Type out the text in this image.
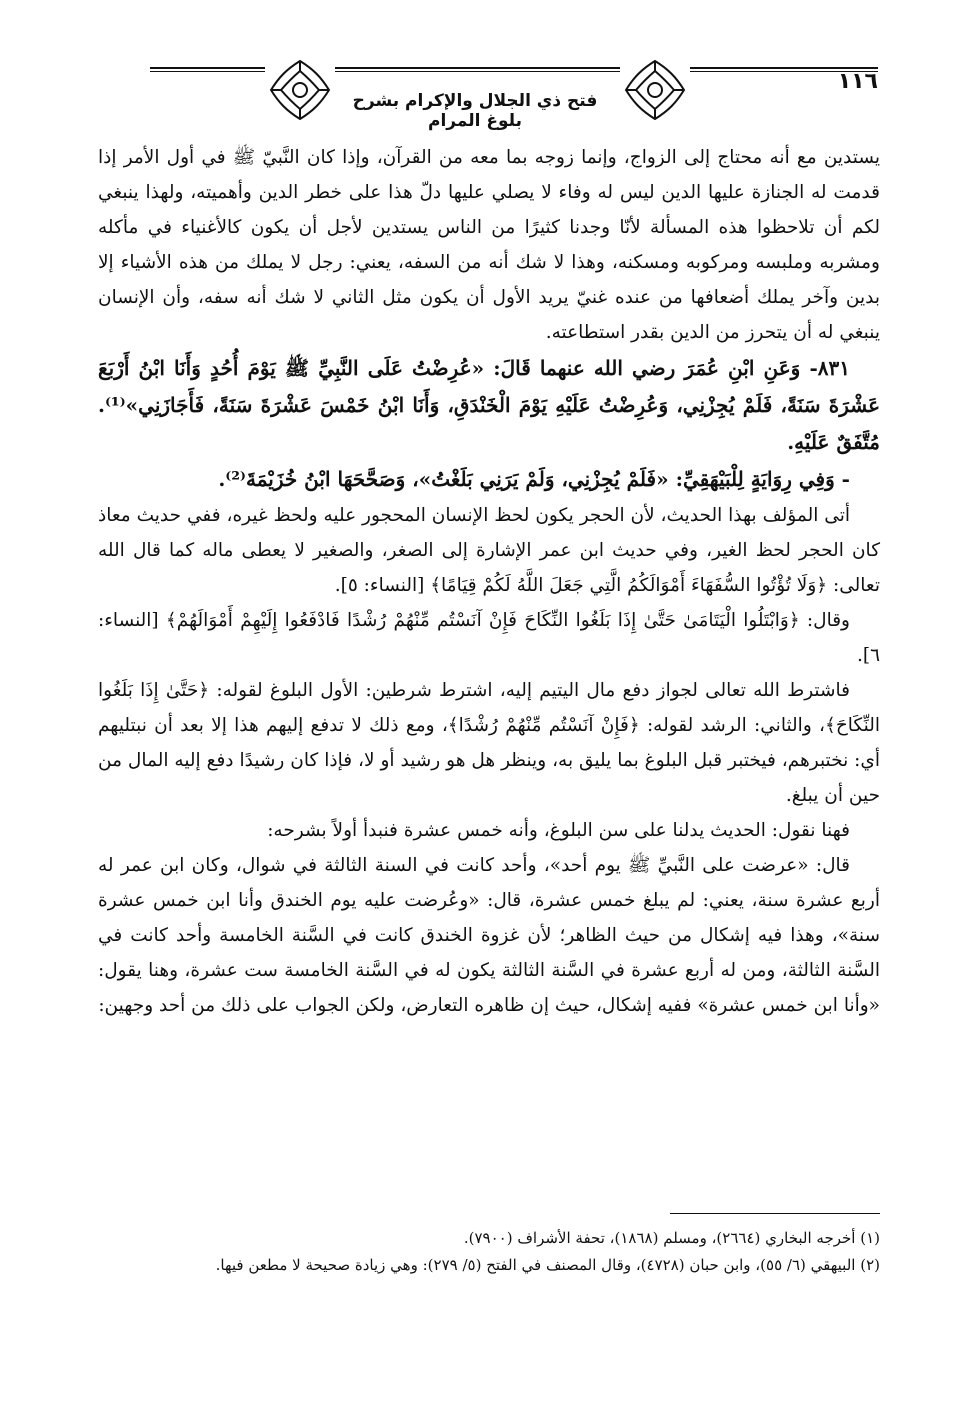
فتح ذي الجلال والإكرام بشرح بلوغ المرام
١١٦

يستدين مع أنه محتاج إلى الزواج، وإنما زوجه بما معه من القرآن، وإذا كان النَّبيّ ﷺ في أول الأمر إذا قدمت له الجنازة عليها الدين ليس له وفاء لا يصلي عليها دلّ هذا على خطر الدين وأهميته، ولهذا ينبغي لكم أن تلاحظوا هذه المسألة لأنّا وجدنا كثيرًا من الناس يستدين لأجل أن يكون كالأغنياء في مأكله ومشربه وملبسه ومركوبه ومسكنه، وهذا لا شك أنه من السفه، يعني: رجل لا يملك من هذه الأشياء إلا بدين وآخر يملك أضعافها من عنده غنيّ يريد الأول أن يكون مثل الثاني لا شك أنه سفه، وأن الإنسان ينبغي له أن يتحرز من الدين بقدر استطاعته.

٨٣١- وَعَنِ ابْنِ عُمَرَ رضي الله عنهما قَالَ: «عُرِضْتُ عَلَى النَّبِيِّ ﷺ يَوْمَ أُحُدٍ وَأَنَا ابْنُ أَرْبَعَ عَشْرَةَ سَنَةً، فَلَمْ يُجِزْنِي، وَعُرِضْتُ عَلَيْهِ يَوْمَ الْخَنْدَقِ، وَأَنَا ابْنُ خَمْسَ عَشْرَةَ سَنَةً، فَأَجَازَنِي»⁽¹⁾. مُتَّفَقٌ عَلَيْهِ.

- وَفِي رِوَايَةٍ لِلْبَيْهَقِيِّ: «فَلَمْ يُجِزْنِي، وَلَمْ يَرَنِي بَلَغْتُ»، وَصَحَّحَهَا ابْنُ خُزَيْمَةَ⁽²⁾.

أتى المؤلف بهذا الحديث، لأن الحجر يكون لحظ الإنسان المحجور عليه ولحظ غيره، ففي حديث معاذ كان الحجر لحظ الغير، وفي حديث ابن عمر الإشارة إلى الصغر، والصغير لا يعطى ماله كما قال الله تعالى: ﴿وَلَا تُؤْتُوا السُّفَهَاءَ أَمْوَالَكُمُ الَّتِي جَعَلَ اللَّهُ لَكُمْ قِيَامًا﴾ [النساء: ٥].

وقال: ﴿وَابْتَلُوا الْيَتَامَىٰ حَتَّىٰ إِذَا بَلَغُوا النِّكَاحَ فَإِنْ آنَسْتُم مِّنْهُمْ رُشْدًا فَادْفَعُوا إِلَيْهِمْ أَمْوَالَهُمْ﴾ [النساء: ٦].

فاشترط الله تعالى لجواز دفع مال اليتيم إليه، اشترط شرطين: الأول البلوغ لقوله: ﴿حَتَّىٰ إِذَا بَلَغُوا النِّكَاحَ﴾، والثاني: الرشد لقوله: ﴿فَإِنْ آنَسْتُم مِّنْهُمْ رُشْدًا﴾، ومع ذلك لا تدفع إليهم هذا إلا بعد أن نبتليهم أي: نختبرهم، فيختبر قبل البلوغ بما يليق به، وينظر هل هو رشيد أو لا، فإذا كان رشيدًا دفع إليه المال من حين أن يبلغ.

فهنا نقول: الحديث يدلنا على سن البلوغ، وأنه خمس عشرة فنبدأ أولاً بشرحه:

قال: «عرضت على النَّبيِّ ﷺ يوم أحد»، وأحد كانت في السنة الثالثة في شوال، وكان ابن عمر له أربع عشرة سنة، يعني: لم يبلغ خمس عشرة، قال: «وعُرضت عليه يوم الخندق وأنا ابن خمس عشرة سنة»، وهذا فيه إشكال من حيث الظاهر؛ لأن غزوة الخندق كانت في السَّنة الخامسة وأحد كانت في السَّنة الثالثة، ومن له أربع عشرة في السَّنة الثالثة يكون له في السَّنة الخامسة ست عشرة، وهنا يقول: «وأنا ابن خمس عشرة» ففيه إشكال، حيث إن ظاهره التعارض، ولكن الجواب على ذلك من أحد وجهين:

(١) أخرجه البخاري (٢٦٦٤)، ومسلم (١٨٦٨)، تحفة الأشراف (٧٩٠٠).

(٢) البيهقي (٦/ ٥٥)، وابن حبان (٤٧٢٨)، وقال المصنف في الفتح (٥/ ٢٧٩): وهي زيادة صحيحة لا مطعن فيها.
